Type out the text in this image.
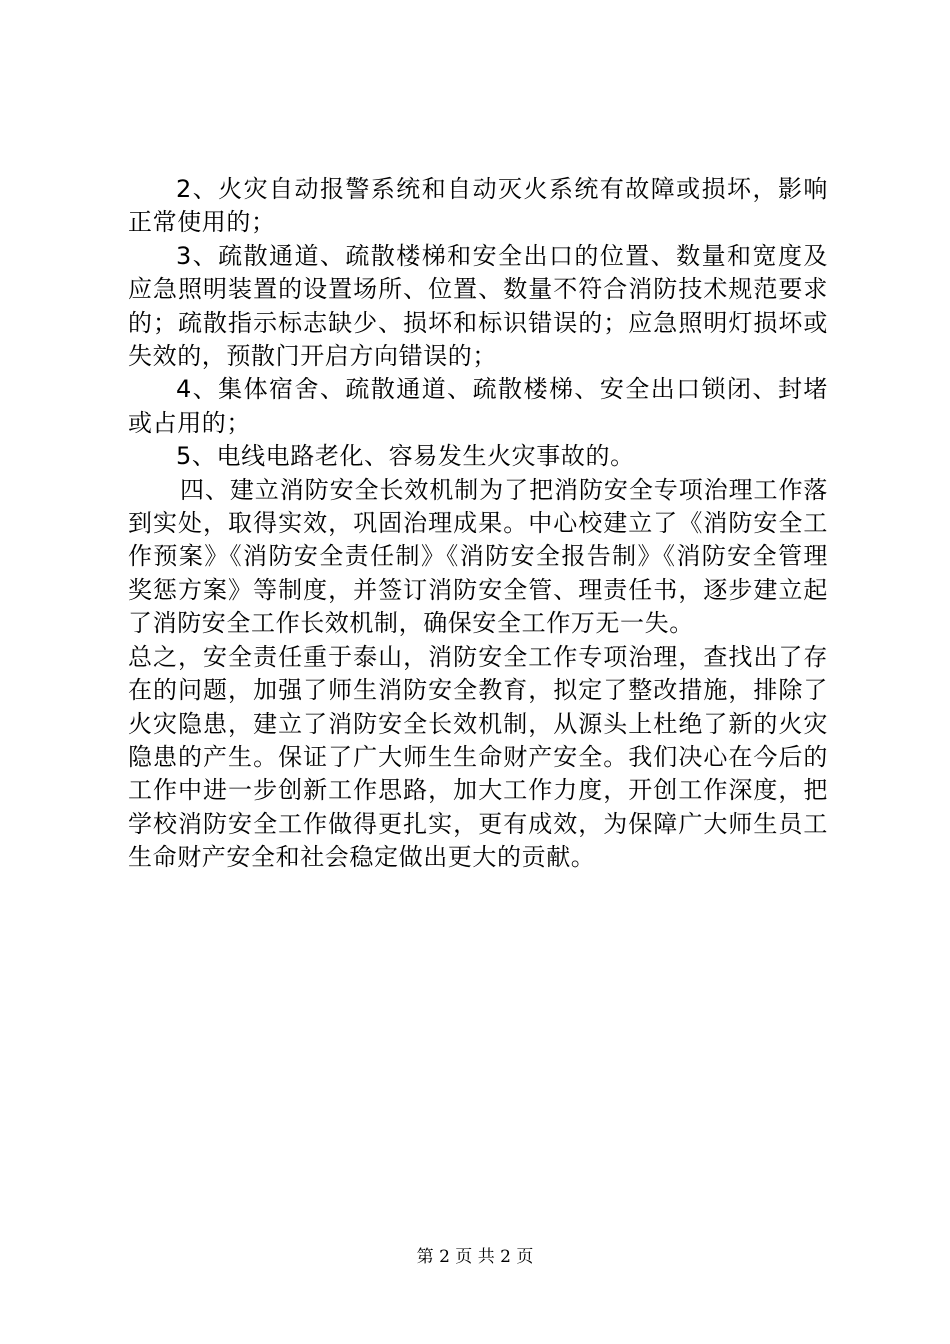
2、火灾自动报警系统和自动灭火系统有故障或损坏，影响正常使用的；

3、疏散通道、疏散楼梯和安全出口的位置、数量和宽度及应急照明装置的设置场所、位置、数量不符合消防技术规范要求的；疏散指示标志缺少、损坏和标识错误的；应急照明灯损坏或失效的，预散门开启方向错误的；

4、集体宿舍、疏散通道、疏散楼梯、安全出口锁闭、封堵或占用的；

5、电线电路老化、容易发生火灾事故的。

四、建立消防安全长效机制为了把消防安全专项治理工作落到实处，取得实效，巩固治理成果。中心校建立了《消防安全工作预案》《消防安全责任制》《消防安全报告制》《消防安全管理奖惩方案》等制度，并签订消防安全管、理责任书，逐步建立起了消防安全工作长效机制，确保安全工作万无一失。

总之，安全责任重于泰山，消防安全工作专项治理，查找出了存在的问题，加强了师生消防安全教育，拟定了整改措施，排除了火灾隐患，建立了消防安全长效机制，从源头上杜绝了新的火灾隐患的产生。保证了广大师生生命财产安全。我们决心在今后的工作中进一步创新工作思路，加大工作力度，开创工作深度，把学校消防安全工作做得更扎实，更有成效，为保障广大师生员工生命财产安全和社会稳定做出更大的贡献。

第 2 页 共 2 页
